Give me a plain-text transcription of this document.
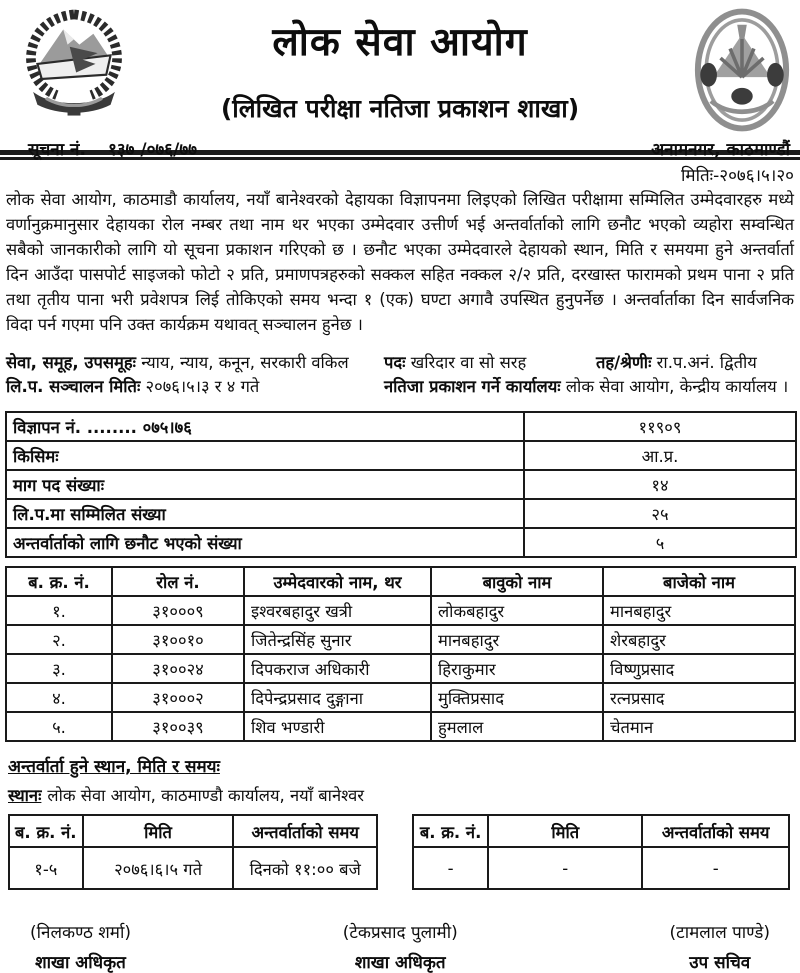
लोक सेवा आयोग
(लिखित परीक्षा नतिजा प्रकाशन शाखा)
सूचना नं. १३७ /०७६/७७	अनामनगर, काठमाण्डौं
मितिः-२०७६।५।२०

लोक सेवा आयोग, काठमाडौ कार्यालय, नयाँ बानेश्वरको देहायका विज्ञापनमा लिइएको लिखित परीक्षामा सम्मिलित उम्मेदवारहरु मध्ये वर्णानुक्रमानुसार देहायका रोल नम्बर तथा नाम थर भएका उम्मेदवार उत्तीर्ण भई अन्तर्वार्ताको लागि छनौट भएको व्यहोरा सम्वन्धित सबैको जानकारीको लागि यो सूचना प्रकाशन गरिएको छ । छनौट भएका उम्मेदवारले देहायको स्थान, मिति र समयमा हुने अन्तर्वार्ता दिन आउँदा पासपोर्ट साइजको फोटो २ प्रति, प्रमाणपत्रहरुको सक्कल सहित नक्कल २/२ प्रति, दरखास्त फारामको प्रथम पाना २ प्रति तथा तृतीय पाना भरी प्रवेशपत्र लिई तोकिएको समय भन्दा १ (एक) घण्टा अगावै उपस्थित हुनुपर्नेछ । अन्तर्वार्ताका दिन सार्वजनिक विदा पर्न गएमा पनि उक्त कार्यक्रम यथावत् सञ्चालन हुनेछ ।

सेवा, समूह, उपसमूहः न्याय, न्याय, कनून, सरकारी वकिल	पदः खरिदार वा सो सरह	तह/श्रेणीः रा.प.अनं. द्वितीय
लि.प. सञ्चालन मितिः २०७६।५।३ र ४ गते	नतिजा प्रकाशन गर्ने कार्यालयः लोक सेवा आयोग, केन्द्रीय कार्यालय ।
विज्ञापन नं. ........ ०७५।७६	११९०९
किसिमः	आ.प्र.
माग पद संख्याः	१४
लि.प.मा सम्मिलित संख्या	२५
अन्तर्वार्ताको लागि छनौट भएको संख्या	५
ब. क्र. नं.	रोल नं.	उम्मेदवारको नाम, थर	बावुको नाम	बाजेको नाम
१.	३१०००९	इश्वरबहादुर खत्री	लोकबहादुर	मानबहादुर
२.	३१००१०	जितेन्द्रसिंह सुनार	मानबहादुर	शेरबहादुर
३.	३१००२४	दिपकराज अधिकारी	हिराकुमार	विष्णुप्रसाद
४.	३१०००२	दिपेन्द्रप्रसाद दुङ्गाना	मुक्तिप्रसाद	रत्नप्रसाद
५.	३१००३९	शिव भण्डारी	हुमलाल	चेतमान
अन्तर्वार्ता हुने स्थान, मिति र समयः
स्थानः लोक सेवा आयोग, काठमाण्डौ कार्यालय, नयाँ बानेश्वर
ब. क्र. नं.	मिति	अन्तर्वार्ताको समय
१-५	२०७६।६।५ गते	दिनको ११:०० बजे
ब. क्र. नं.	मिति	अन्तर्वार्ताको समय
-	-	-
(निलकण्ठ शर्मा)
शाखा अधिकृत
(टेकप्रसाद पुलामी)
शाखा अधिकृत
(टामलाल पाण्डे)
उप सचिव
